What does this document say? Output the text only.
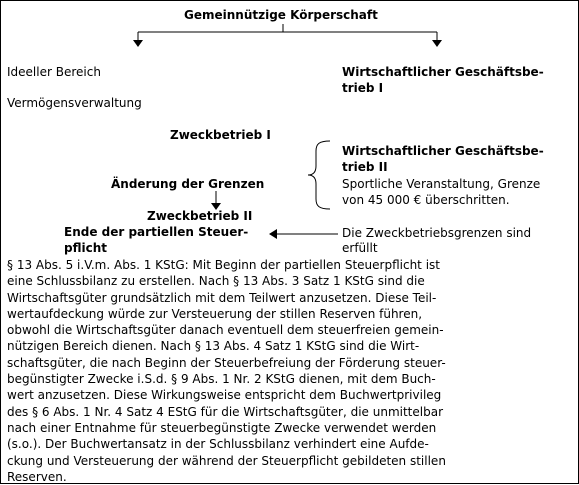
Gemeinnützige Körperschaft
Ideeller Bereich
Vermögensverwaltung
Wirtschaftlicher Geschäftsbe-
trieb I
Zweckbetrieb I
Wirtschaftlicher Geschäftsbe-
trieb II
Sportliche Veranstaltung, Grenze
von 45 000 € überschritten.
Änderung der Grenzen
Zweckbetrieb II
Ende der partiellen Steuer-
pflicht
Die Zweckbetriebsgrenzen sind
erfüllt
§ 13 Abs. 5 i.V.m. Abs. 1 KStG: Mit Beginn der partiellen Steuerpflicht ist
eine Schlussbilanz zu erstellen. Nach § 13 Abs. 3 Satz 1 KStG sind die
Wirtschaftsgüter grundsätzlich mit dem Teilwert anzusetzen. Diese Teil-
wertaufdeckung würde zur Versteuerung der stillen Reserven führen,
obwohl die Wirtschaftsgüter danach eventuell dem steuerfreien gemein-
nützigen Bereich dienen. Nach § 13 Abs. 4 Satz 1 KStG sind die Wirt-
schaftsgüter, die nach Beginn der Steuerbefreiung der Förderung steuer-
begünstigter Zwecke i.S.d. § 9 Abs. 1 Nr. 2 KStG dienen, mit dem Buch-
wert anzusetzen. Diese Wirkungsweise entspricht dem Buchwertprivileg
des § 6 Abs. 1 Nr. 4 Satz 4 EStG für die Wirtschaftsgüter, die unmittelbar
nach einer Entnahme für steuerbegünstigte Zwecke verwendet werden
(s.o.). Der Buchwertansatz in der Schlussbilanz verhindert eine Aufde-
ckung und Versteuerung der während der Steuerpflicht gebildeten stillen
Reserven.
